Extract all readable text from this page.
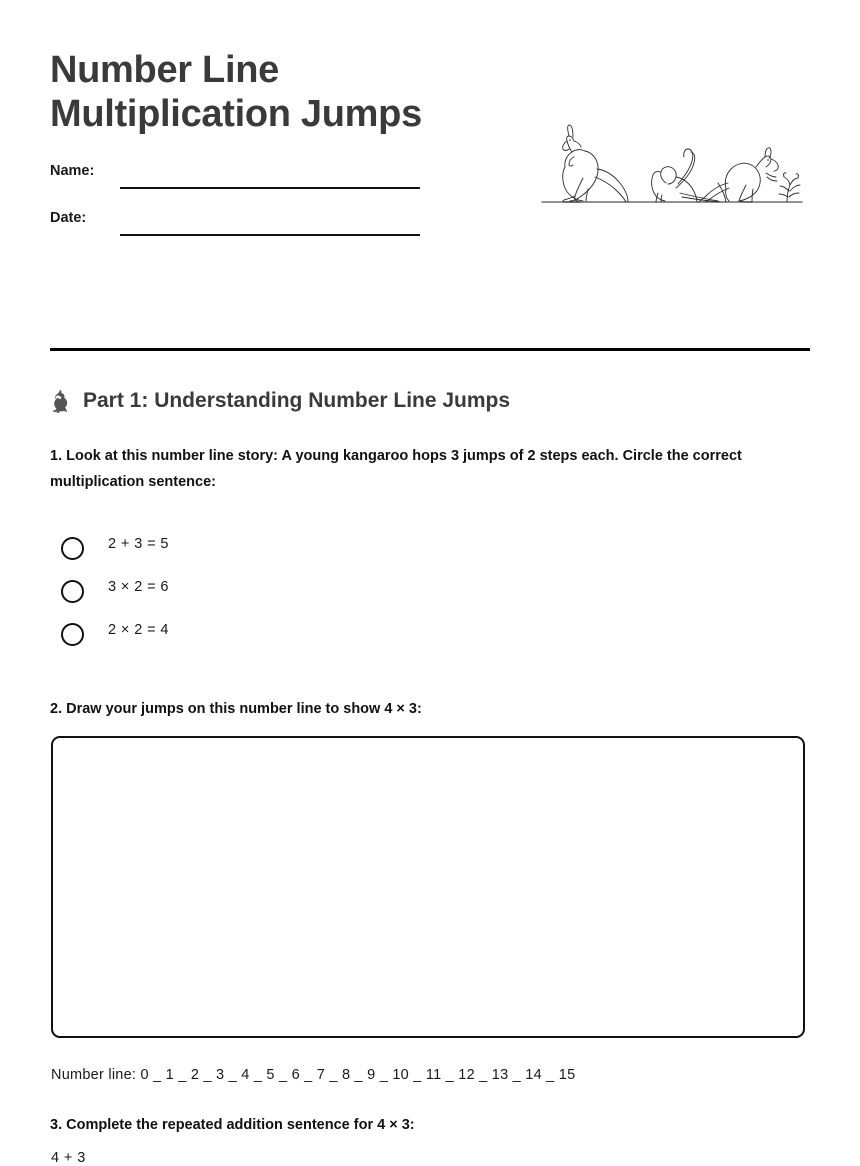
Number Line
Multiplication Jumps
Name:
Date:
Part 1: Understanding Number Line Jumps
1. Look at this number line story: A young kangaroo hops 3 jumps of 2 steps each. Circle the correct multiplication sentence:
2 + 3 = 5
3 × 2 = 6
2 × 2 = 4
2. Draw your jumps on this number line to show 4 × 3:
Number line: 0 _ 1 _ 2 _ 3 _ 4 _ 5 _ 6 _ 7 _ 8 _ 9 _ 10 _ 11 _ 12 _ 13 _ 14 _ 15
3. Complete the repeated addition sentence for 4 × 3:
4 + 3
